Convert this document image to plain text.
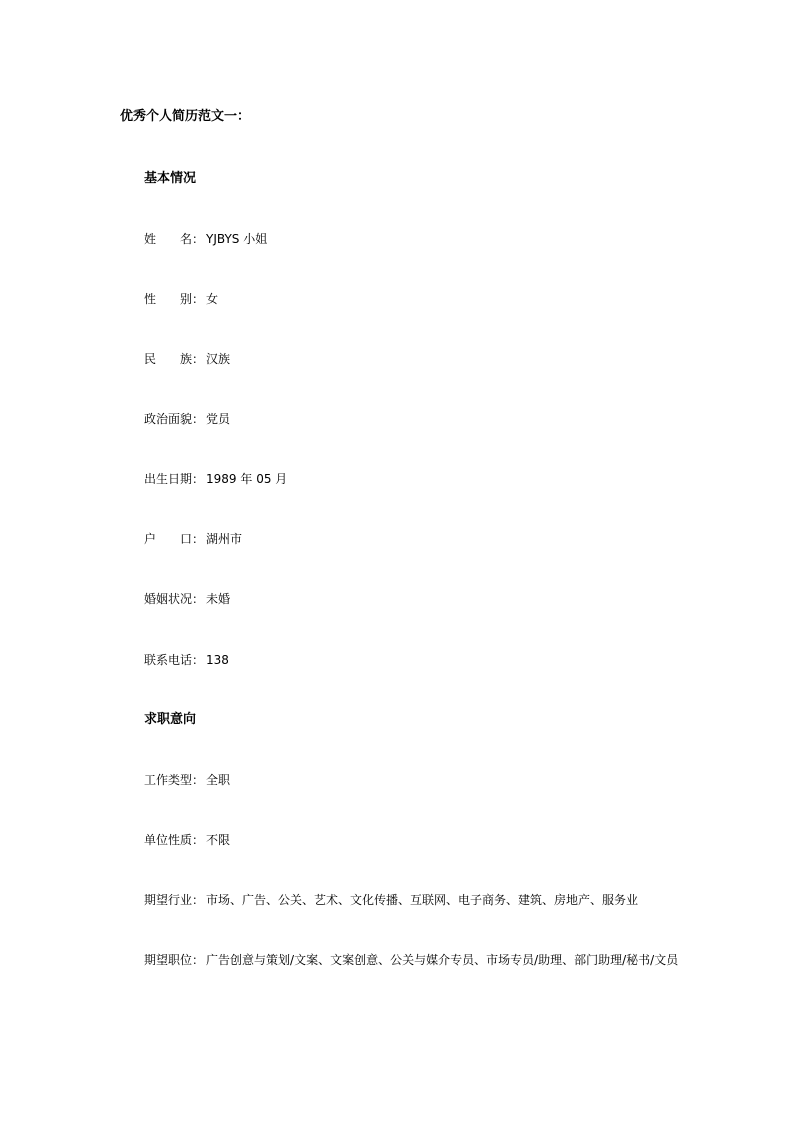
优秀个人简历范文一：
基本情况
姓 名 ： YJBYS 小姐
性 别 ： 女
民 族 ： 汉族
政治面貌 ： 党员
出生日期 ： 1989 年 05 月
户 口 ： 湖州市
婚姻状况 ： 未婚
联系电话 ： 138
求职意向
工作类型 ： 全职
单位性质 ： 不限
期望行业 ： 市场、广告、公关、艺术、文化传播、互联网、电子商务、建筑、房地产、服务业
期望职位 ： 广告创意与策划/文案、文案创意、公关与媒介专员、市场专员/助理、部门助理/秘书/文员
